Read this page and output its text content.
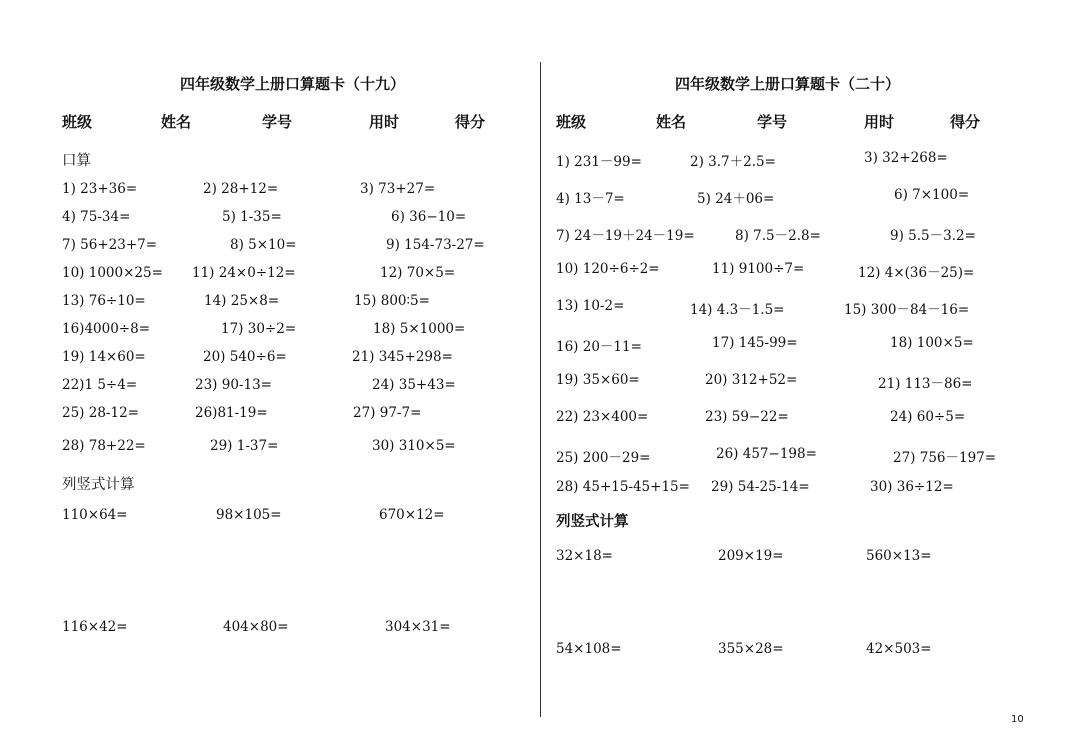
四年级数学上册口算题卡（十九）
班级	姓名	学号	用时	得分
口算
1) 23+36=	2) 28+12=	3) 73+27=
4) 75-34=	5) 1-35=	6) 36−10=
7) 56+23+7=	8) 5×10=	9) 154-73-27=
10) 1000×25= 11) 24×0÷12=	12) 70×5=
13) 76÷10=	14) 25×8=	15) 800∶5=
16)4000÷8=	17) 30÷2=	18) 5×1000=
19) 14×60=	20) 540÷6=	21) 345+298=
22)1 5÷4=	23) 90-13=	24) 35+43=
25) 28-12=	26)81-19=	27) 97-7=
28) 78+22=	29) 1-37=	30) 310×5=
列竖式计算
110×64=	98×105=	670×12=
116×42=	404×80=	304×31=
四年级数学上册口算题卡（二十）
班级	姓名	学号	用时	得分
1) 231－99=	2) 3.7＋2.5=	3) 32+268=
4) 13－7=	5) 24＋06=	6) 7×100=
7) 24－19＋24－19=	8) 7.5－2.8=	9) 5.5－3.2=
10) 120÷6÷2=	11) 9100÷7=	12) 4×(36－25)=
13) 10-2=	14) 4.3－1.5=	15) 300－84－16=
16) 20－11=	17) 145-99=	18) 100×5=
19) 35×60=	20) 312+52=	21) 113－86=
22) 23×400=	23) 59−22=	24) 60÷5=
25) 200－29=	26) 457−198=	27) 756－197=
28) 45+15-45+15= 29) 54-25-14=	30) 36÷12=
列竖式计算
32×18=	209×19=	560×13=
54×108=	355×28=	42×503=
10
